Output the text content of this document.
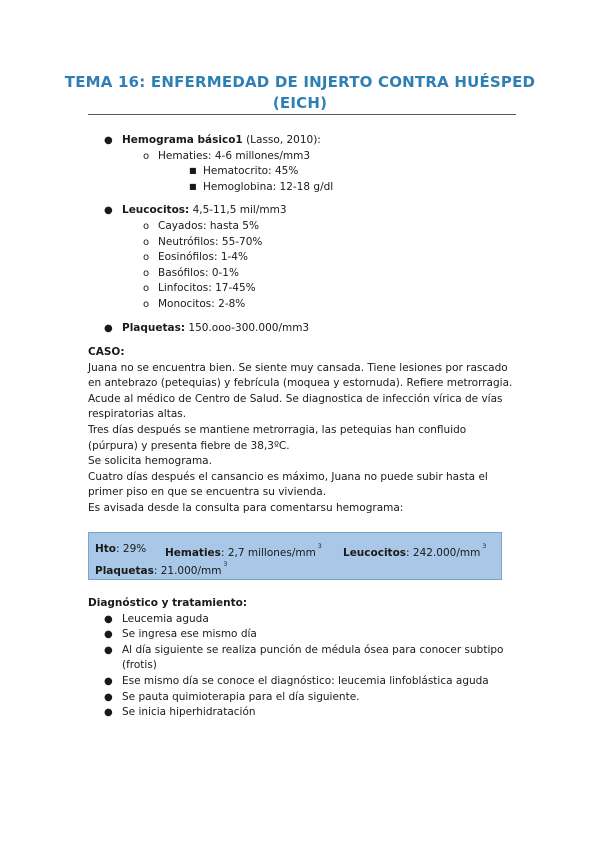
TEMA 16: ENFERMEDAD DE INJERTO CONTRA HUÉSPED (EICH)
● Hemograma básico1 (Lasso, 2010):
o Hematies: 4-6 millones/mm3
■ Hematocrito: 45%
■ Hemoglobina: 12-18 g/dl
● Leucocitos: 4,5-11,5 mil/mm3
o Cayados: hasta 5%
o Neutrófilos: 55-70%
o Eosinófilos: 1-4%
o Basófilos: 0-1%
o Linfocitos: 17-45%
o Monocitos: 2-8%
● Plaquetas: 150.ooo-300.000/mm3
CASO:
Juana no se encuentra bien. Se siente muy cansada. Tiene lesiones por rascado en antebrazo (petequias) y febrícula (moquea y estornuda). Refiere metrorragia.
Acude al médico de Centro de Salud. Se diagnostica de infección vírica de vías respiratorias altas.
Tres días después se mantiene metrorragia, las petequias han confluido (púrpura) y presenta fiebre de 38,3ºC.
Se solicita hemograma.
Cuatro días después el cansancio es máximo, Juana no puede subir hasta el primer piso en que se encuentra su vivienda.
Es avisada desde la consulta para comentarsu hemograma:
Hto: 29% Hematies: 2,7 millones/$mm^3$
Leucocitos: $242.000/mm^3$
Plaquetas: $21.000/mm^3$
Diagnóstico y tratamiento:
● Leucemia aguda
● Se ingresa ese mismo día
● Al día siguiente se realiza punción de médula ósea para conocer subtipo (frotis)
● Ese mismo día se conoce el diagnóstico: leucemia linfoblástica aguda
● Se pauta quimioterapia para el día siguiente.
● Se inicia hiperhidratación
